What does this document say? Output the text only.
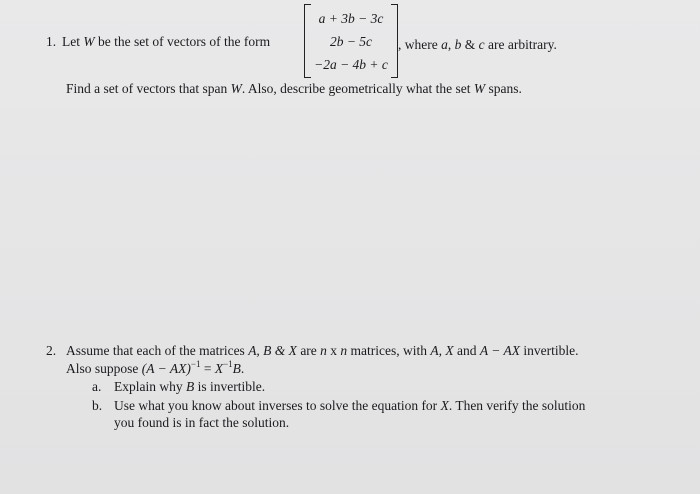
1. Let W be the set of vectors of the form
a + 3b − 3c
2b − 5c
−2a − 4b + c
, where a, b & c are arbitrary.
Find a set of vectors that span W. Also, describe geometrically what the set W spans.
2. Assume that each of the matrices A, B & X are n x n matrices, with A, X and A − AX invertible.
Also suppose $(A - AX)^{-1} = X^{-1}B$.
a. Explain why B is invertible.
b. Use what you know about inverses to solve the equation for X. Then verify the solution
you found is in fact the solution.
